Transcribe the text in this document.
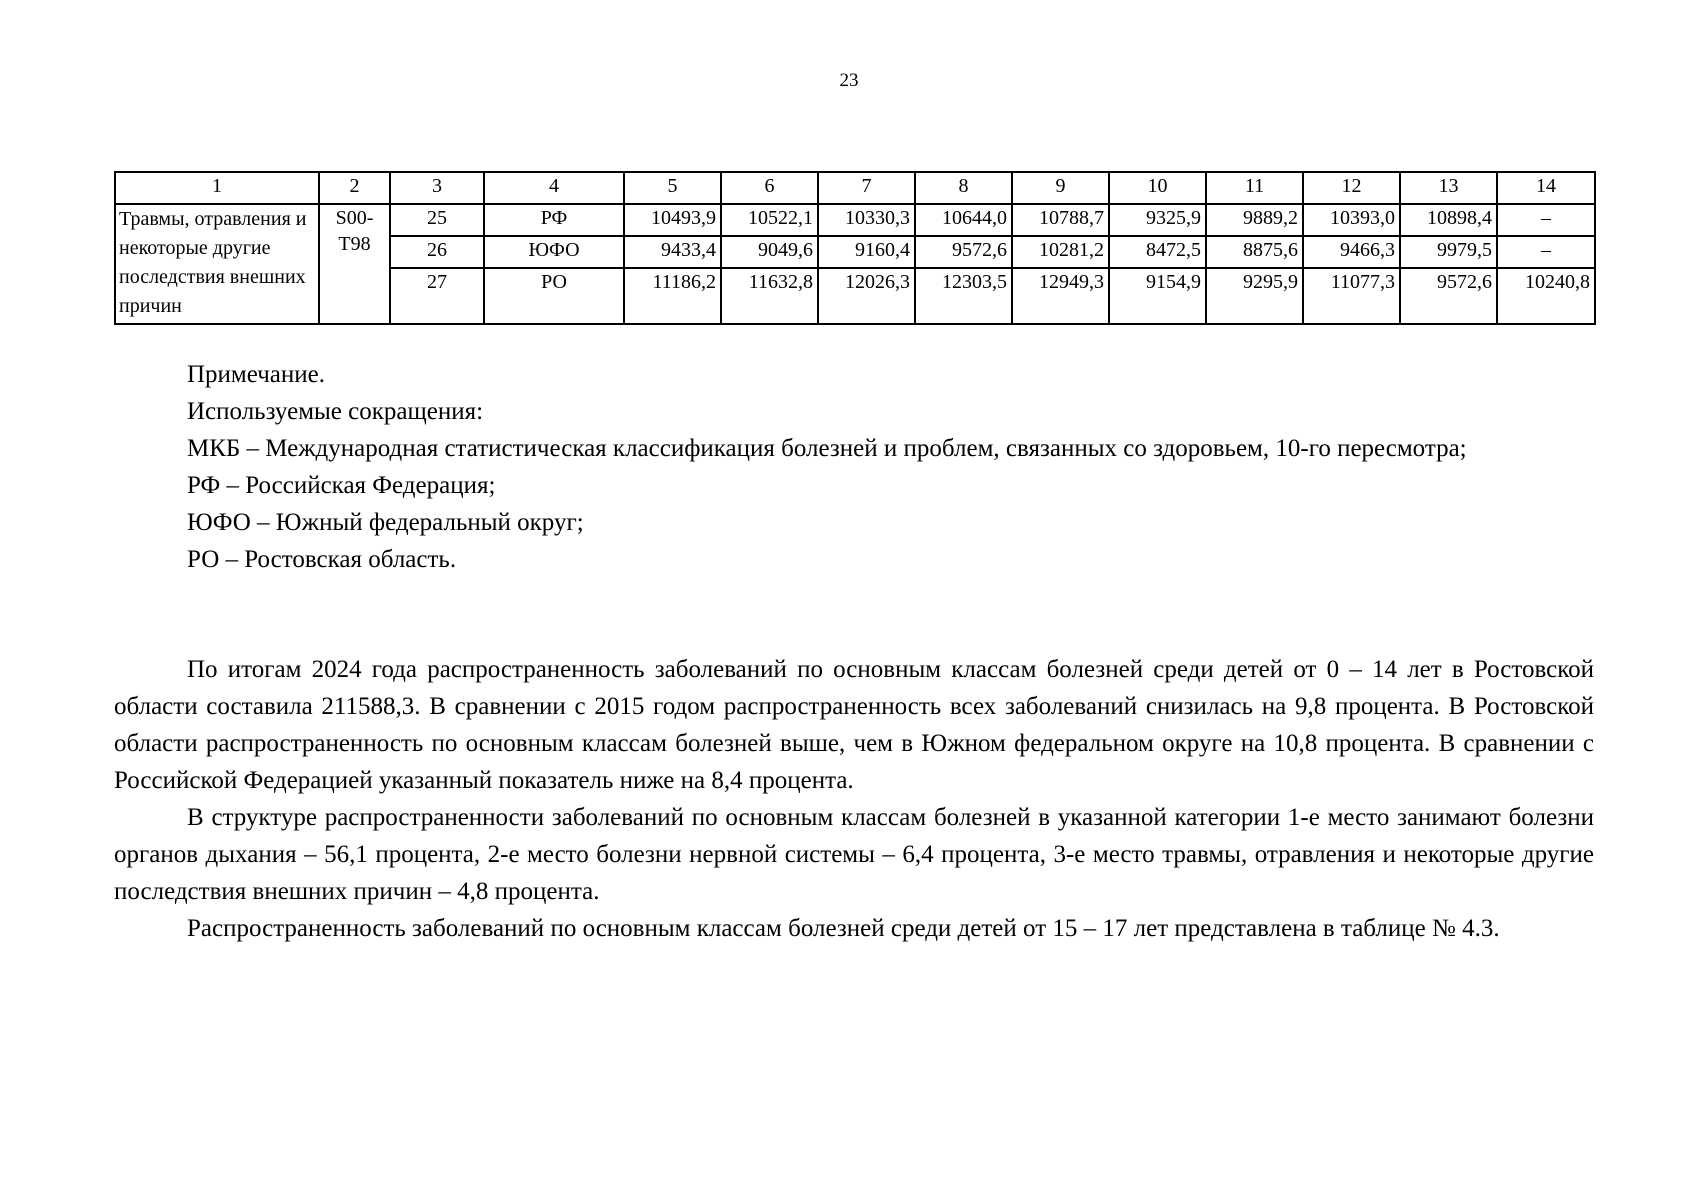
23
1	2	3	4	5	6	7	8	9	10	11	12	13	14
Травмы, отравления и некоторые другие последствия внешних причин	S00-T98	25	РФ	10493,9	10522,1	10330,3	10644,0	10788,7	9325,9	9889,2	10393,0	10898,4	–
		26	ЮФО	9433,4	9049,6	9160,4	9572,6	10281,2	8472,5	8875,6	9466,3	9979,5	–
		27	РО	11186,2	11632,8	12026,3	12303,5	12949,3	9154,9	9295,9	11077,3	9572,6	10240,8

Примечание.

Используемые сокращения:

МКБ – Международная статистическая классификация болезней и проблем, связанных со здоровьем, 10-го пересмотра;

РФ – Российская Федерация;

ЮФО – Южный федеральный округ;

РО – Ростовская область.

По итогам 2024 года распространенность заболеваний по основным классам болезней среди детей от 0 – 14 лет в Ростовской области составила 211588,3. В сравнении с 2015 годом распространенность всех заболеваний снизилась на 9,8 процента. В Ростовской области распространенность по основным классам болезней выше, чем в Южном федеральном округе на 10,8 процента. В сравнении с Российской Федерацией указанный показатель ниже на 8,4 процента.

В структуре распространенности заболеваний по основным классам болезней в указанной категории 1-е место занимают болезни органов дыхания – 56,1 процента, 2-е место болезни нервной системы – 6,4 процента, 3-е место травмы, отравления и некоторые другие последствия внешних причин – 4,8 процента.

Распространенность заболеваний по основным классам болезней среди детей от 15 – 17 лет представлена в таблице № 4.3.
